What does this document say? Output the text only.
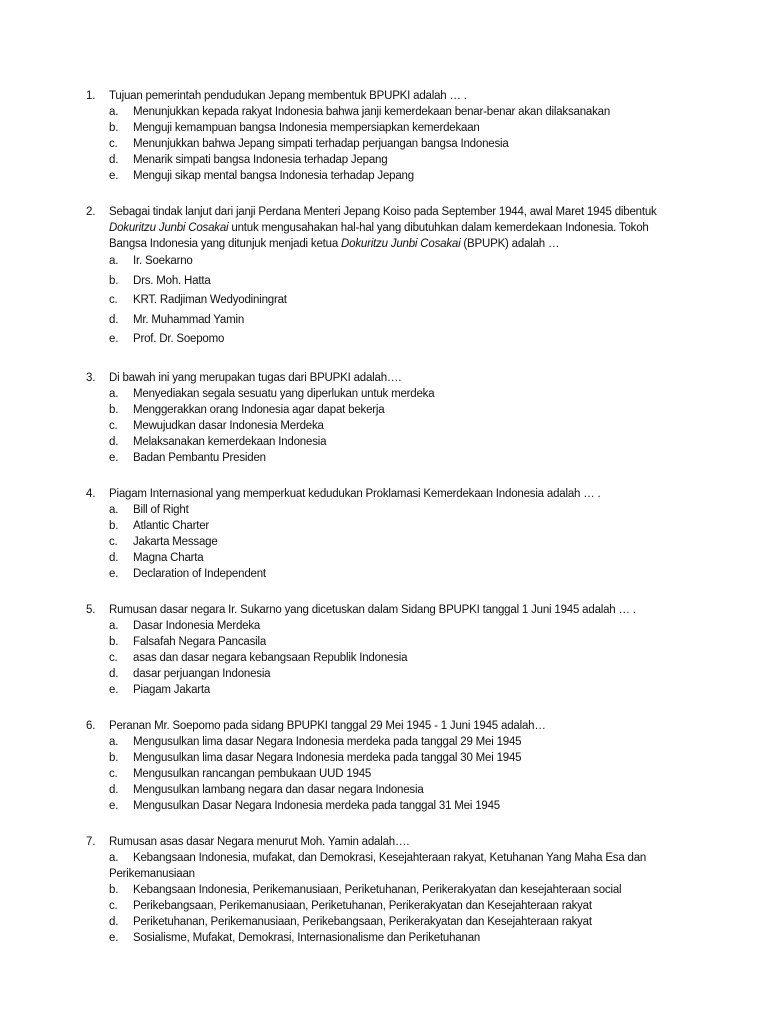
1.	Tujuan pemerintah pendudukan Jepang membentuk BPUPKI adalah … .
a. Menunjukkan kepada rakyat Indonesia bahwa janji kemerdekaan benar-benar akan dilaksanakan
b. Menguji kemampuan bangsa Indonesia mempersiapkan kemerdekaan
c. Menunjukkan bahwa Jepang simpati terhadap perjuangan bangsa Indonesia
d. Menarik simpati bangsa Indonesia terhadap Jepang
e. Menguji sikap mental bangsa Indonesia terhadap Jepang
2.	Sebagai tindak lanjut dari janji Perdana Menteri Jepang Koiso pada September 1944, awal Maret 1945 dibentuk Dokuritzu Junbi Cosakai untuk mengusahakan hal-hal yang dibutuhkan dalam kemerdekaan Indonesia. Tokoh Bangsa Indonesia yang ditunjuk menjadi ketua Dokuritzu Junbi Cosakai (BPUPK) adalah …
a. Ir. Soekarno
b. Drs. Moh. Hatta
c. KRT. Radjiman Wedyodiningrat
d. Mr. Muhammad Yamin
e. Prof. Dr. Soepomo
3.	Di bawah ini yang merupakan tugas dari BPUPKI adalah….
a. Menyediakan segala sesuatu yang diperlukan untuk merdeka
b. Menggerakkan orang Indonesia agar dapat bekerja
c. Mewujudkan dasar Indonesia Merdeka
d. Melaksanakan kemerdekaan Indonesia
e. Badan Pembantu Presiden
4.	Piagam Internasional yang memperkuat kedudukan Proklamasi Kemerdekaan Indonesia adalah … .
a. Bill of Right
b. Atlantic Charter
c. Jakarta Message
d. Magna Charta
e. Declaration of Independent
5.	Rumusan dasar negara Ir. Sukarno yang dicetuskan dalam Sidang BPUPKI tanggal 1 Juni 1945 adalah … .
a. Dasar Indonesia Merdeka
b. Falsafah Negara Pancasila
c. asas dan dasar negara kebangsaan Republik Indonesia
d. dasar perjuangan Indonesia
e. Piagam Jakarta
6.	Peranan Mr. Soepomo pada sidang BPUPKI tanggal 29 Mei 1945 - 1 Juni 1945 adalah…
a. Mengusulkan lima dasar Negara Indonesia merdeka pada tanggal 29 Mei 1945
b. Mengusulkan lima dasar Negara Indonesia merdeka pada tanggal 30 Mei 1945
c. Mengusulkan rancangan pembukaan UUD 1945
d. Mengusulkan lambang negara dan dasar negara Indonesia
e. Mengusulkan Dasar Negara Indonesia merdeka pada tanggal 31 Mei 1945
7.	Rumusan asas dasar Negara menurut Moh. Yamin adalah….
a. Kebangsaan Indonesia, mufakat, dan Demokrasi, Kesejahteraan rakyat, Ketuhanan Yang Maha Esa dan Perikemanusiaan
b. Kebangsaan Indonesia, Perikemanusiaan, Periketuhanan, Perikerakyatan dan kesejahteraan social
c. Perikebangsaan, Perikemanusiaan, Periketuhanan, Perikerakyatan dan Kesejahteraan rakyat
d. Periketuhanan, Perikemanusiaan, Perikebangsaan, Perikerakyatan dan Kesejahteraan rakyat
e. Sosialisme, Mufakat, Demokrasi, Internasionalisme dan Periketuhanan
